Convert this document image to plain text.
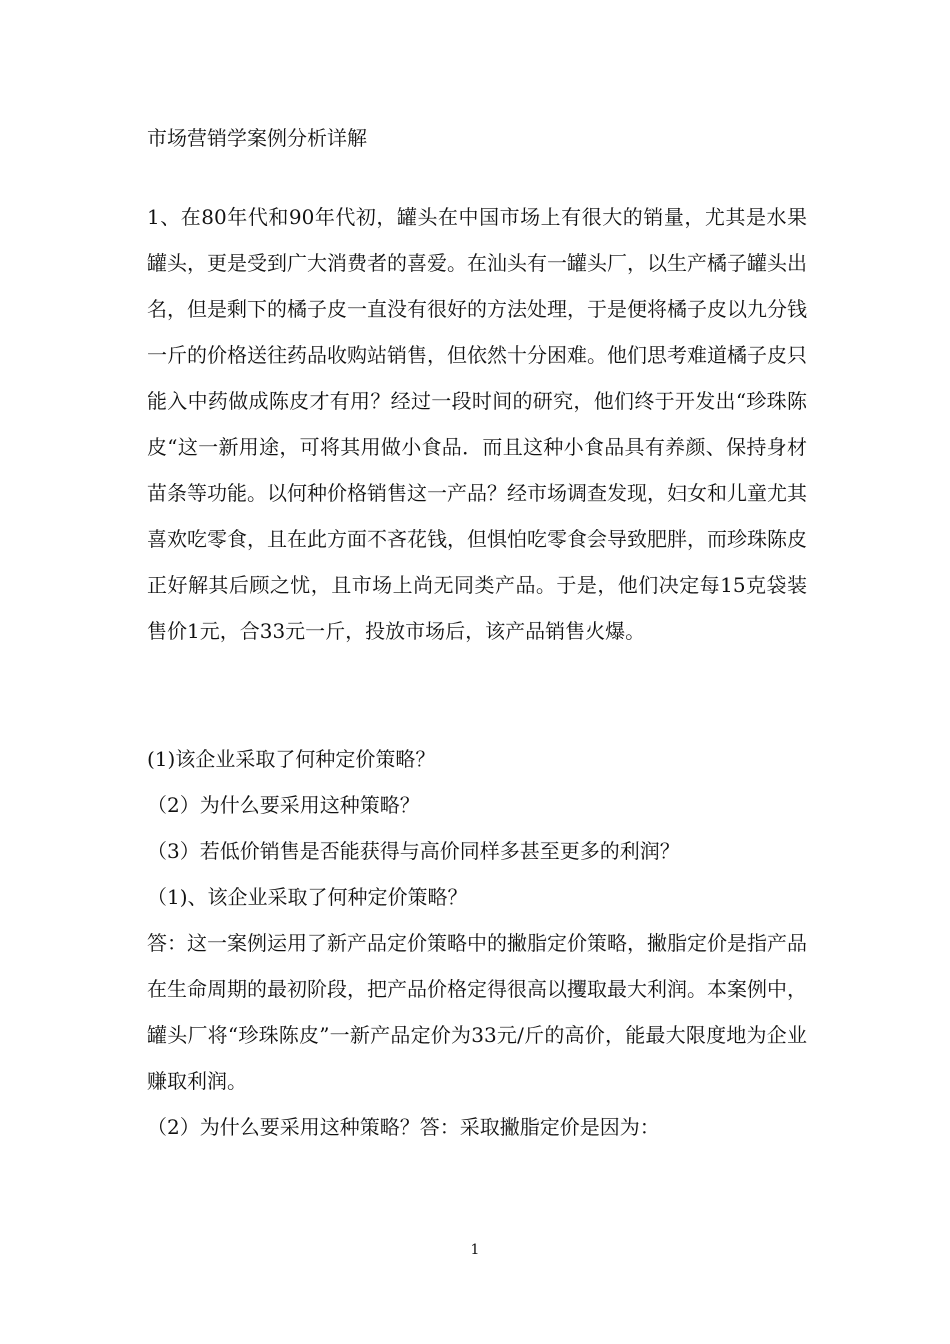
市场营销学案例分析详解

1、在80年代和90年代初，罐头在中国市场上有很大的销量，尤其是水果罐头，更是受到广大消费者的喜爱。在汕头有一罐头厂，以生产橘子罐头出名，但是剩下的橘子皮一直没有很好的方法处理，于是便将橘子皮以九分钱一斤的价格送往药品收购站销售，但依然十分困难。他们思考难道橘子皮只能入中药做成陈皮才有用？经过一段时间的研究，他们终于开发出“珍珠陈皮“这一新用途，可将其用做小食品．而且这种小食品具有养颜、保持身材苗条等功能。以何种价格销售这一产品？经市场调查发现，妇女和儿童尤其喜欢吃零食，且在此方面不吝花钱，但惧怕吃零食会导致肥胖，而珍珠陈皮正好解其后顾之忧，且市场上尚无同类产品。于是，他们决定每15克袋装售价1元，合33元一斤，投放市场后，该产品销售火爆。

(1)该企业采取了何种定价策略？
（2）为什么要采用这种策略？
（3）若低价销售是否能获得与高价同样多甚至更多的利润？
（1)、该企业采取了何种定价策略？

答：这一案例运用了新产品定价策略中的撇脂定价策略，撇脂定价是指产品在生命周期的最初阶段，把产品价格定得很高以攫取最大利润。本案例中，罐头厂将“珍珠陈皮”一新产品定价为33元/斤的高价，能最大限度地为企业赚取利润。

（2）为什么要采用这种策略？答：采取撇脂定价是因为：
1
